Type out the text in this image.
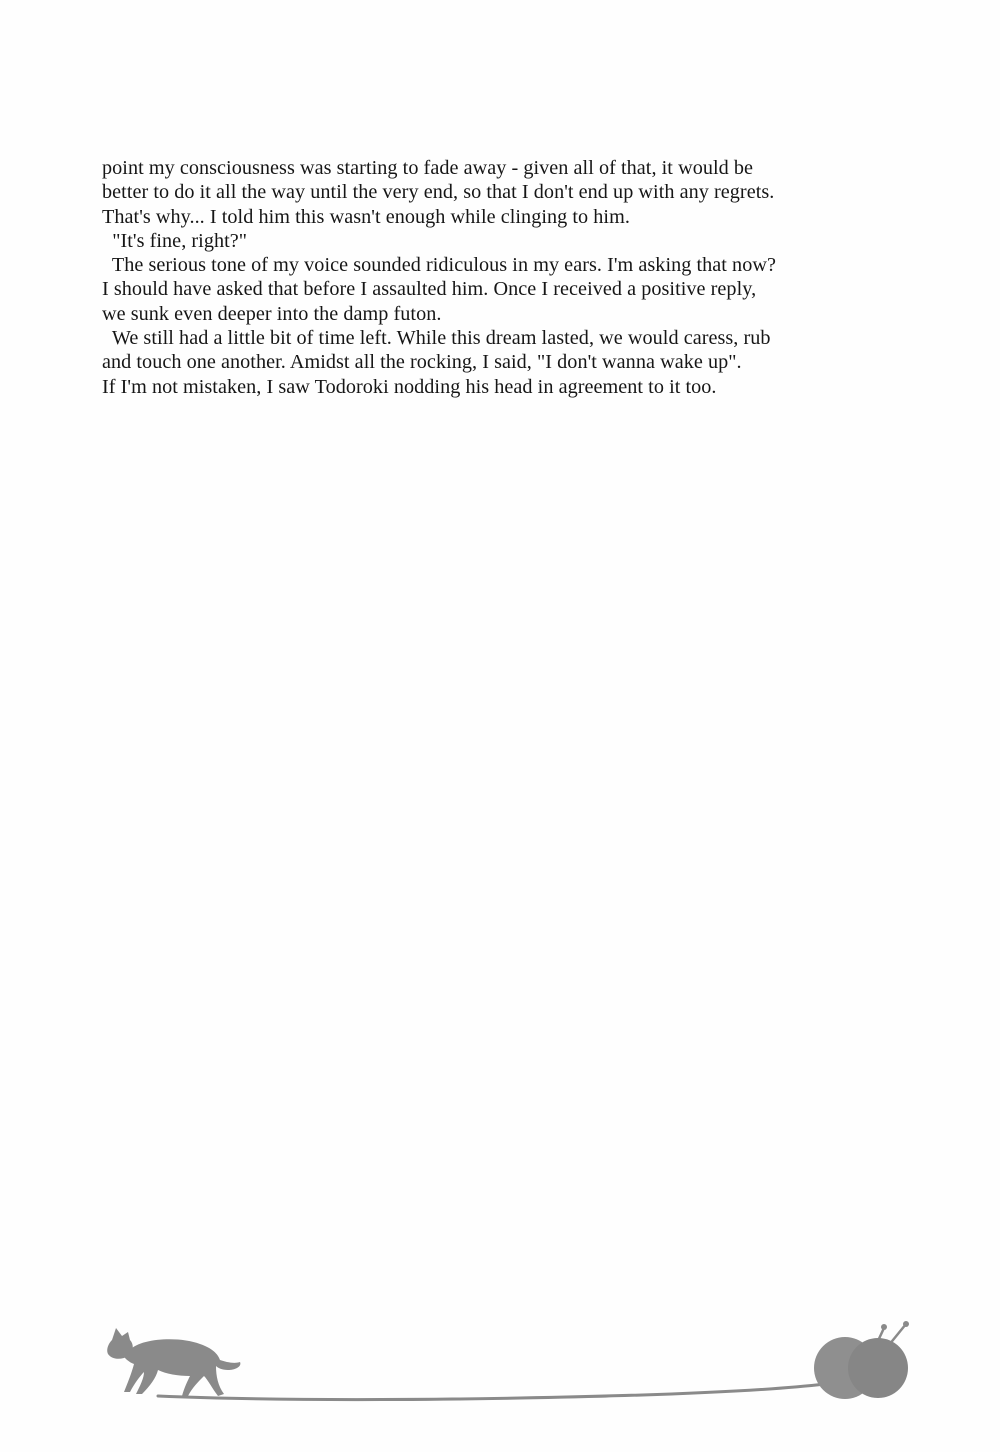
point my consciousness was starting to fade away - given all of that, it would be
better to do it all the way until the very end, so that I don't end up with any regrets.
That's why... I told him this wasn't enough while clinging to him.
"It's fine, right?"
The serious tone of my voice sounded ridiculous in my ears. I'm asking that now?
I should have asked that before I assaulted him. Once I received a positive reply,
we sunk even deeper into the damp futon.
We still had a little bit of time left. While this dream lasted, we would caress, rub
and touch one another. Amidst all the rocking, I said, "I don't wanna wake up".
If I'm not mistaken, I saw Todoroki nodding his head in agreement to it too.
